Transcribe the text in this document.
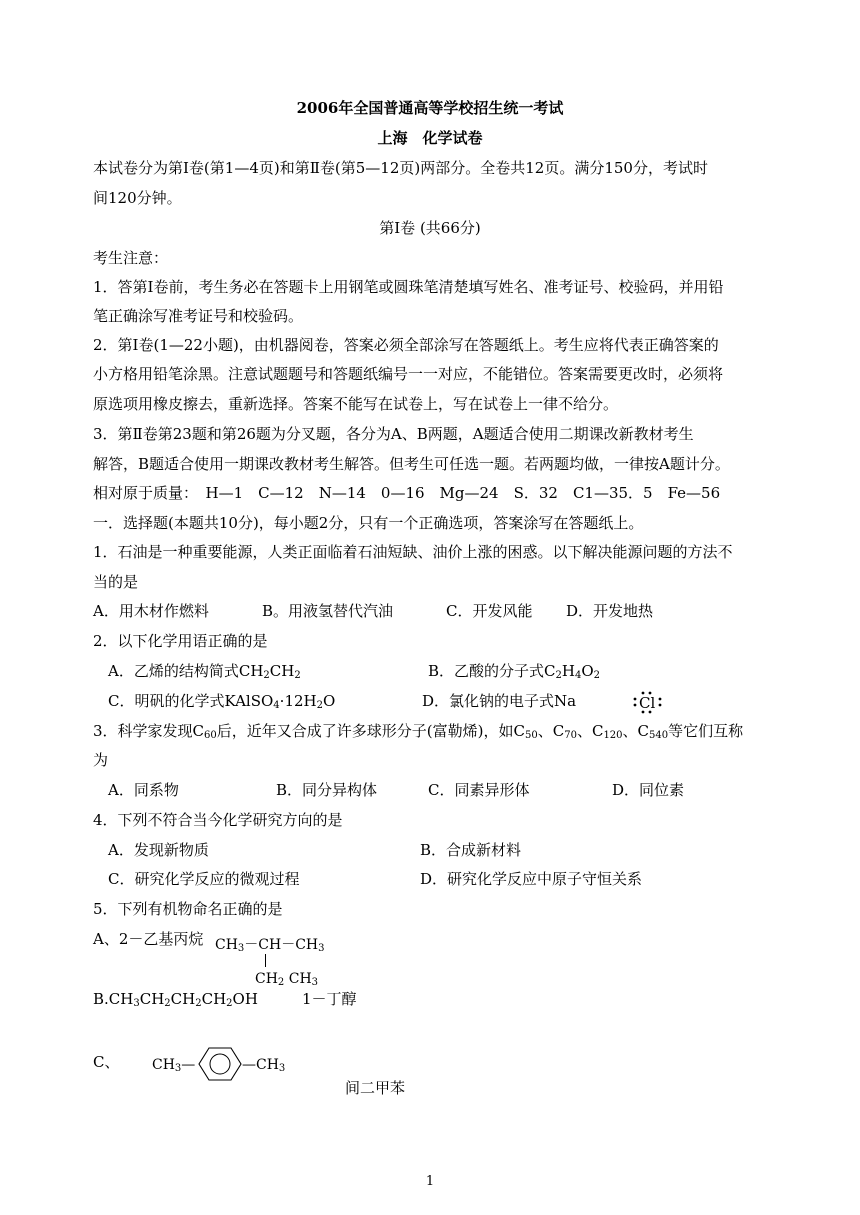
2006年全国普通高等学校招生统一考试
上海　化学试卷
本试卷分为第Ⅰ卷(第1—4页)和第Ⅱ卷(第5—12页)两部分。全卷共12页。满分150分，考试时
间120分钟。
第Ⅰ卷 (共66分)
考生注意：
1．答第Ⅰ卷前，考生务必在答题卡上用钢笔或圆珠笔清楚填写姓名、准考证号、校验码，并用铅
笔正确涂写准考证号和校验码。
2．第Ⅰ卷(1—22小题)，由机器阅卷，答案必须全部涂写在答题纸上。考生应将代表正确答案的
小方格用铅笔涂黑。注意试题题号和答题纸编号一一对应，不能错位。答案需要更改时，必须将
原选项用橡皮擦去，重新选择。答案不能写在试卷上，写在试卷上一律不给分。
3．第Ⅱ卷第23题和第26题为分叉题，各分为A、B两题，A题适合使用二期课改新教材考生
解答，B题适合使用一期课改教材考生解答。但考生可任选一题。若两题均做，一律按A题计分。
相对原于质量：　H—1　C—12　N—14　0—16　Mg—24　S．32　C1—35．5　Fe—56
一．选择题(本题共10分)，每小题2分，只有一个正确选项，答案涂写在答题纸上。
1．石油是一种重要能源，人类正面临着石油短缺、油价上涨的困惑。以下解决能源问题的方法不
当的是
A．用木材作燃料	B。用液氢替代汽油	C．开发风能 D．开发地热
2．以下化学用语正确的是
A．乙烯的结构简式$CH_2CH_2$	B．乙酸的分子式$C_2H_4O_2$
C．明矾的化学式$KAlSO_4\cdot 12H_2O$	D．氯化钠的电子式Na	Cl
3．科学家发现$C_{60}$后，近年又合成了许多球形分子(富勒烯)，如$C_{50}$、$C_{70}$、$C_{120}$、$C_{540}$等它们互称
为
A．同系物	B．同分异构体	C．同素异形体	D．同位素
4．下列不符合当今化学研究方向的是
A．发现新物质	B．合成新材料
C．研究化学反应的微观过程	D．研究化学反应中原子守恒关系
5．下列有机物命名正确的是
A、2－乙基丙烷 $CH_3-CH-CH_3$
$CH_2$ $CH_3$
$B.CH_3CH_2CH_2CH_2OH$	1－丁醇
C、 $CH_3—$	$—CH_3$
间二甲苯
1
